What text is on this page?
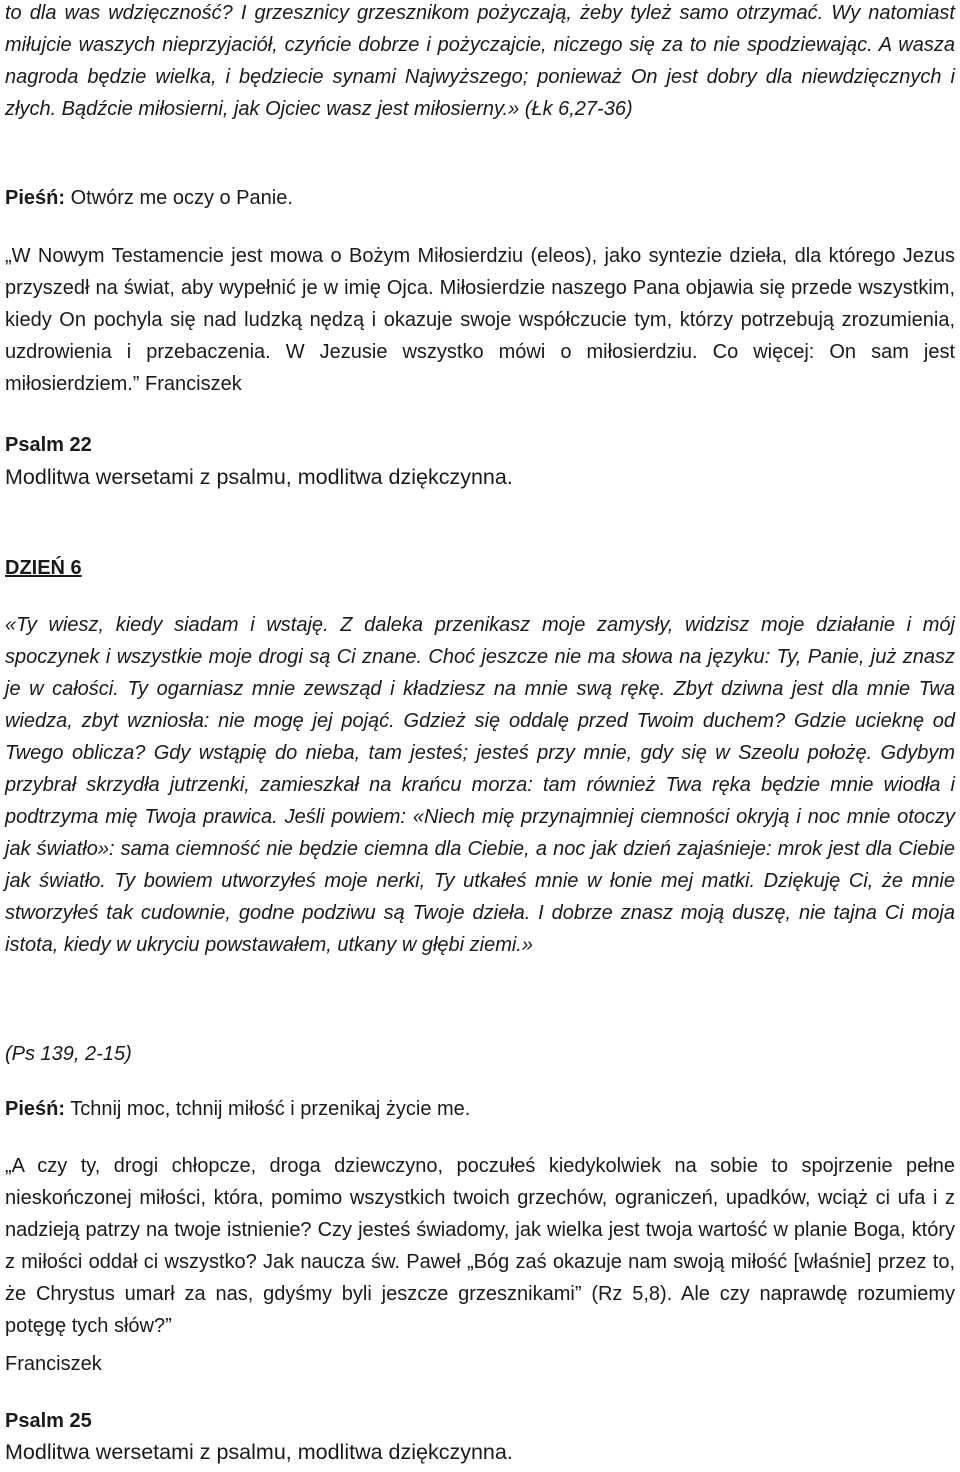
to dla was wdzięczność? I grzesznicy grzesznikom pożyczają, żeby tyleż samo otrzymać. Wy natomiast miłujcie waszych nieprzyjaciół, czyńcie dobrze i pożyczajcie, niczego się za to nie spodziewając. A wasza nagroda będzie wielka, i będziecie synami Najwyższego; ponieważ On jest dobry dla niewdzięcznych i złych. Bądźcie miłosierni, jak Ojciec wasz jest miłosierny.» (Łk 6,27-36)

Pieśń: Otwórz me oczy o Panie.

„W Nowym Testamencie jest mowa o Bożym Miłosierdziu (eleos), jako syntezie dzieła, dla którego Jezus przyszedł na świat, aby wypełnić je w imię Ojca. Miłosierdzie naszego Pana objawia się przede wszystkim, kiedy On pochyla się nad ludzką nędzą i okazuje swoje współczucie tym, którzy potrzebują zrozumienia, uzdrowienia i przebaczenia. W Jezusie wszystko mówi o miłosierdziu. Co więcej: On sam jest miłosierdziem.” Franciszek

Psalm 22
Modlitwa wersetami z psalmu, modlitwa dziękczynna.
DZIEŃ 6

«Ty wiesz, kiedy siadam i wstaję. Z daleka przenikasz moje zamysły, widzisz moje działanie i mój spoczynek i wszystkie moje drogi są Ci znane. Choć jeszcze nie ma słowa na języku: Ty, Panie, już znasz je w całości. Ty ogarniasz mnie zewsząd i kładziesz na mnie swą rękę. Zbyt dziwna jest dla mnie Twa wiedza, zbyt wzniosła: nie mogę jej pojąć. Gdzież się oddalę przed Twoim duchem? Gdzie ucieknę od Twego oblicza? Gdy wstąpię do nieba, tam jesteś; jesteś przy mnie, gdy się w Szeolu położę. Gdybym przybrał skrzydła jutrzenki, zamieszkał na krańcu morza: tam również Twa ręka będzie mnie wiodła i podtrzyma mię Twoja prawica. Jeśli powiem: «Niech mię przynajmniej ciemności okryją i noc mnie otoczy jak światło»: sama ciemność nie będzie ciemna dla Ciebie, a noc jak dzień zajaśnieje: mrok jest dla Ciebie jak światło. Ty bowiem utworzyłeś moje nerki, Ty utkałeś mnie w łonie mej matki. Dziękuję Ci, że mnie stworzyłeś tak cudownie, godne podziwu są Twoje dzieła. I dobrze znasz moją duszę, nie tajna Ci moja istota, kiedy w ukryciu powstawałem, utkany w głębi ziemi.»

(Ps 139, 2-15)
Pieśń: Tchnij moc, tchnij miłość i przenikaj życie me.

„A czy ty, drogi chłopcze, droga dziewczyno, poczułeś kiedykolwiek na sobie to spojrzenie pełne nieskończonej miłości, która, pomimo wszystkich twoich grzechów, ograniczeń, upadków, wciąż ci ufa i z nadzieją patrzy na twoje istnienie? Czy jesteś świadomy, jak wielka jest twoja wartość w planie Boga, który z miłości oddał ci wszystko? Jak naucza św. Paweł „Bóg zaś okazuje nam swoją miłość [właśnie] przez to, że Chrystus umarł za nas, gdyśmy byli jeszcze grzesznikami” (Rz 5,8). Ale czy naprawdę rozumiemy potęgę tych słów?”

Franciszek
Psalm 25
Modlitwa wersetami z psalmu, modlitwa dziękczynna.
